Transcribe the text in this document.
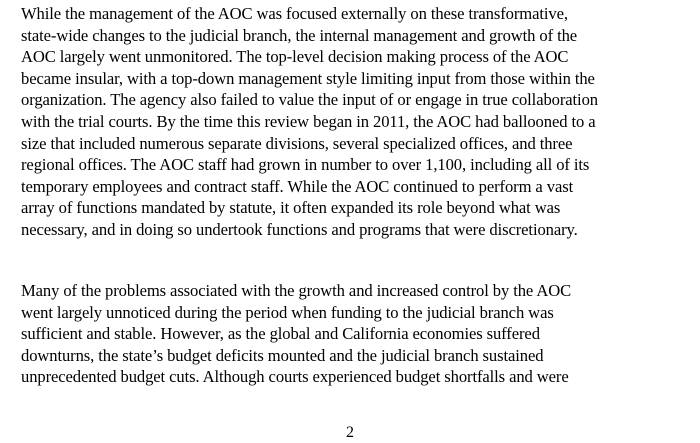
While the management of the AOC was focused externally on these transformative,
state-wide changes to the judicial branch, the internal management and growth of the
AOC largely went unmonitored. The top-level decision making process of the AOC
became insular, with a top-down management style limiting input from those within the
organization. The agency also failed to value the input of or engage in true collaboration
with the trial courts. By the time this review began in 2011, the AOC had ballooned to a
size that included numerous separate divisions, several specialized offices, and three
regional offices. The AOC staff had grown in number to over 1,100, including all of its
temporary employees and contract staff. While the AOC continued to perform a vast
array of functions mandated by statute, it often expanded its role beyond what was
necessary, and in doing so undertook functions and programs that were discretionary.

Many of the problems associated with the growth and increased control by the AOC
went largely unnoticed during the period when funding to the judicial branch was
sufficient and stable. However, as the global and California economies suffered
downturns, the state’s budget deficits mounted and the judicial branch sustained
unprecedented budget cuts. Although courts experienced budget shortfalls and were

2
